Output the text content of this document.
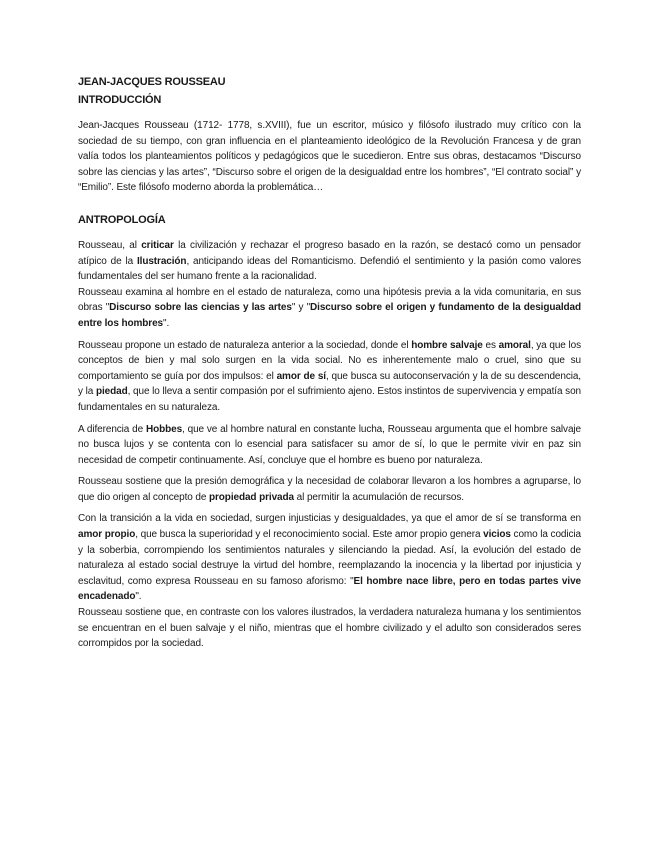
JEAN-JACQUES ROUSSEAU

INTRODUCCIÓN

Jean-Jacques Rousseau (1712- 1778, s.XVIII), fue un escritor, músico y filósofo ilustrado muy crítico con la sociedad de su tiempo, con gran influencia en el planteamiento ideológico de la Revolución Francesa y de gran valía todos los planteamientos políticos y pedagógicos que le sucedieron. Entre sus obras, destacamos “Discurso sobre las ciencias y las artes”, “Discurso sobre el origen de la desigualdad entre los hombres”, “El contrato social” y “Emilio”. Este filósofo moderno aborda la problemática…

ANTROPOLOGÍA

Rousseau, al criticar la civilización y rechazar el progreso basado en la razón, se destacó como un pensador atípico de la Ilustración, anticipando ideas del Romanticismo. Defendió el sentimiento y la pasión como valores fundamentales del ser humano frente a la racionalidad.

Rousseau examina al hombre en el estado de naturaleza, como una hipótesis previa a la vida comunitaria, en sus obras "Discurso sobre las ciencias y las artes" y "Discurso sobre el origen y fundamento de la desigualdad entre los hombres".

Rousseau propone un estado de naturaleza anterior a la sociedad, donde el hombre salvaje es amoral, ya que los conceptos de bien y mal solo surgen en la vida social. No es inherentemente malo o cruel, sino que su comportamiento se guía por dos impulsos: el amor de sí, que busca su autoconservación y la de su descendencia, y la piedad, que lo lleva a sentir compasión por el sufrimiento ajeno. Estos instintos de supervivencia y empatía son fundamentales en su naturaleza.

A diferencia de Hobbes, que ve al hombre natural en constante lucha, Rousseau argumenta que el hombre salvaje no busca lujos y se contenta con lo esencial para satisfacer su amor de sí, lo que le permite vivir en paz sin necesidad de competir continuamente. Así, concluye que el hombre es bueno por naturaleza.

Rousseau sostiene que la presión demográfica y la necesidad de colaborar llevaron a los hombres a agruparse, lo que dio origen al concepto de propiedad privada al permitir la acumulación de recursos.

Con la transición a la vida en sociedad, surgen injusticias y desigualdades, ya que el amor de sí se transforma en amor propio, que busca la superioridad y el reconocimiento social. Este amor propio genera vicios como la codicia y la soberbia, corrompiendo los sentimientos naturales y silenciando la piedad. Así, la evolución del estado de naturaleza al estado social destruye la virtud del hombre, reemplazando la inocencia y la libertad por injusticia y esclavitud, como expresa Rousseau en su famoso aforismo: "El hombre nace libre, pero en todas partes vive encadenado".

Rousseau sostiene que, en contraste con los valores ilustrados, la verdadera naturaleza humana y los sentimientos se encuentran en el buen salvaje y el niño, mientras que el hombre civilizado y el adulto son considerados seres corrompidos por la sociedad.
